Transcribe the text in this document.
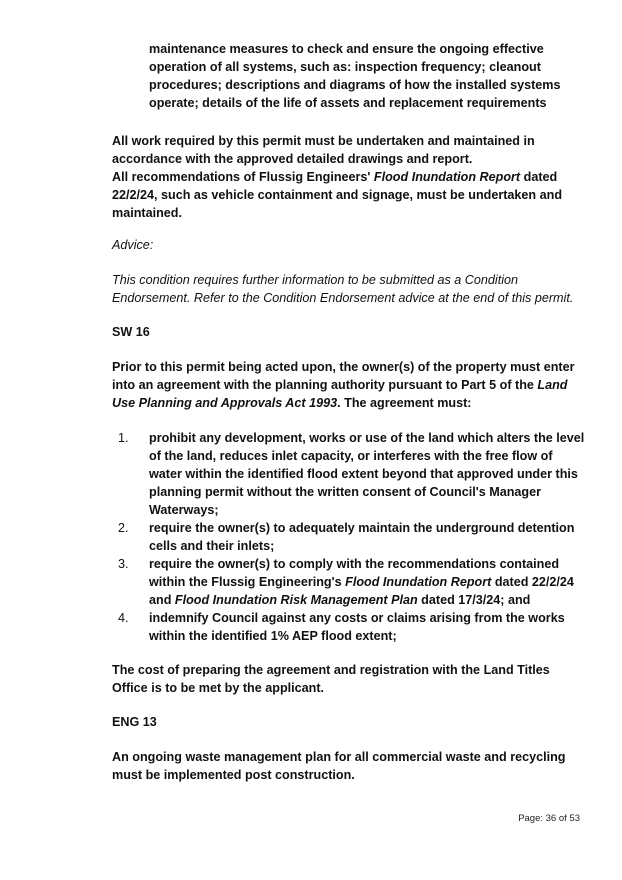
maintenance measures to check and ensure the ongoing effective
operation of all systems, such as: inspection frequency; cleanout
procedures; descriptions and diagrams of how the installed systems
operate; details of the life of assets and replacement requirements
All work required by this permit must be undertaken and maintained in
accordance with the approved detailed drawings and report.
All recommendations of Flussig Engineers' Flood Inundation Report dated
22/2/24, such as vehicle containment and signage, must be undertaken and
maintained.
Advice:
This condition requires further information to be submitted as a Condition
Endorsement. Refer to the Condition Endorsement advice at the end of this permit.
SW 16
Prior to this permit being acted upon, the owner(s) of the property must enter
into an agreement with the planning authority pursuant to Part 5 of the Land
Use Planning and Approvals Act 1993. The agreement must:
1. prohibit any development, works or use of the land which alters the level
of the land, reduces inlet capacity, or interferes with the free flow of
water within the identified flood extent beyond that approved under this
planning permit without the written consent of Council's Manager
Waterways;
2. require the owner(s) to adequately maintain the underground detention
cells and their inlets;
3. require the owner(s) to comply with the recommendations contained
within the Flussig Engineering's Flood Inundation Report dated 22/2/24
and Flood Inundation Risk Management Plan dated 17/3/24; and
4. indemnify Council against any costs or claims arising from the works
within the identified 1% AEP flood extent;
The cost of preparing the agreement and registration with the Land Titles
Office is to be met by the applicant.
ENG 13
An ongoing waste management plan for all commercial waste and recycling
must be implemented post construction.
Page: 36 of 53
